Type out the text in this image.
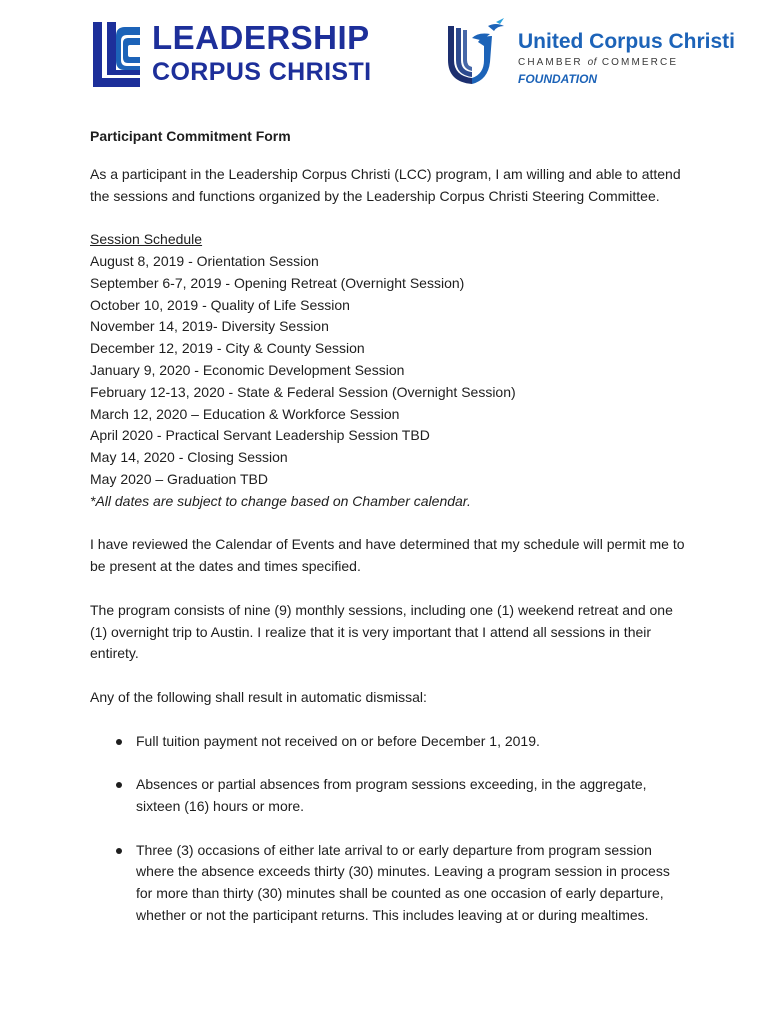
LEADERSHIP
CORPUS CHRISTI
United Corpus Christi
CHAMBER of COMMERCE
FOUNDATION

Participant Commitment Form

As a participant in the Leadership Corpus Christi (LCC) program, I am willing and able to attend the sessions and functions organized by the Leadership Corpus Christi Steering Committee.

Session Schedule

August 8, 2019 - Orientation Session

September 6-7, 2019 - Opening Retreat (Overnight Session)

October 10, 2019 - Quality of Life Session

November 14, 2019- Diversity Session

December 12, 2019 - City & County Session

January 9, 2020 - Economic Development Session

February 12-13, 2020 - State & Federal Session (Overnight Session)

March 12, 2020 – Education & Workforce Session

April 2020 - Practical Servant Leadership Session TBD

May 14, 2020 - Closing Session

May 2020 – Graduation TBD

*All dates are subject to change based on Chamber calendar.

I have reviewed the Calendar of Events and have determined that my schedule will permit me to be present at the dates and times specified.

The program consists of nine (9) monthly sessions, including one (1) weekend retreat and one (1) overnight trip to Austin. I realize that it is very important that I attend all sessions in their entirety.

Any of the following shall result in automatic dismissal:

Full tuition payment not received on or before December 1, 2019.
Absences or partial absences from program sessions exceeding, in the aggregate, sixteen (16) hours or more.
Three (3) occasions of either late arrival to or early departure from program session where the absence exceeds thirty (30) minutes. Leaving a program session in process for more than thirty (30) minutes shall be counted as one occasion of early departure, whether or not the participant returns. This includes leaving at or during mealtimes.
